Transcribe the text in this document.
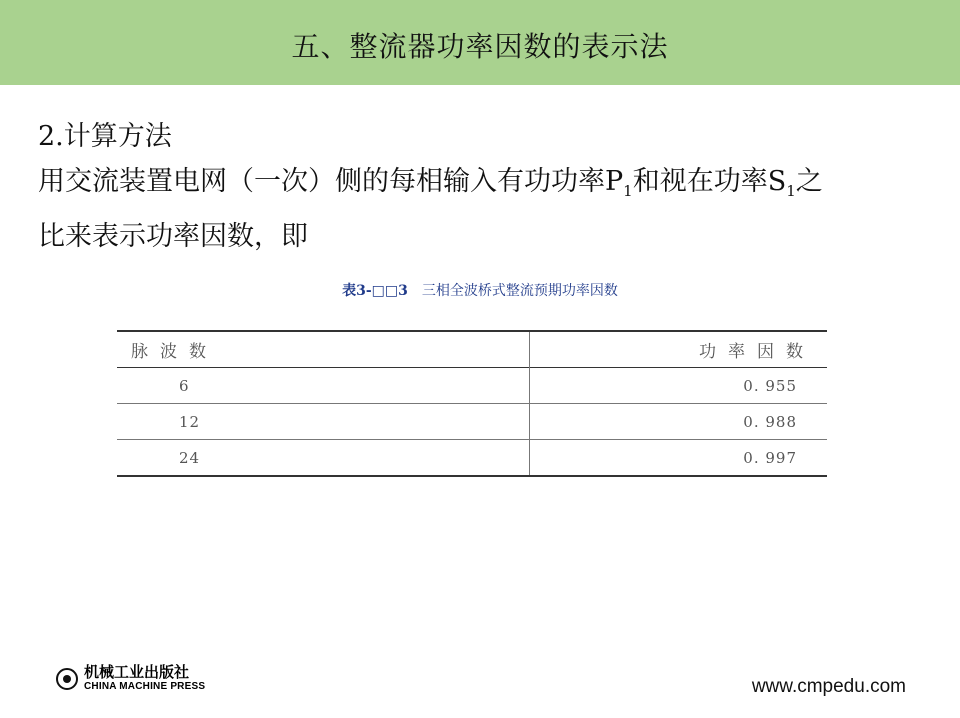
五、整流器功率因数的表示法
2.计算方法
用交流装置电网（一次）侧的每相输入有功功率$P_1$和视在功率$S_1$之
比来表示功率因数，即
表3-□□3 三相全波桥式整流预期功率因数
脉波数	功率因数
6	0. 955
12	0. 988
24	0. 997
机械工业出版社
CHINA MACHINE PRESS	www.cmpedu.com
